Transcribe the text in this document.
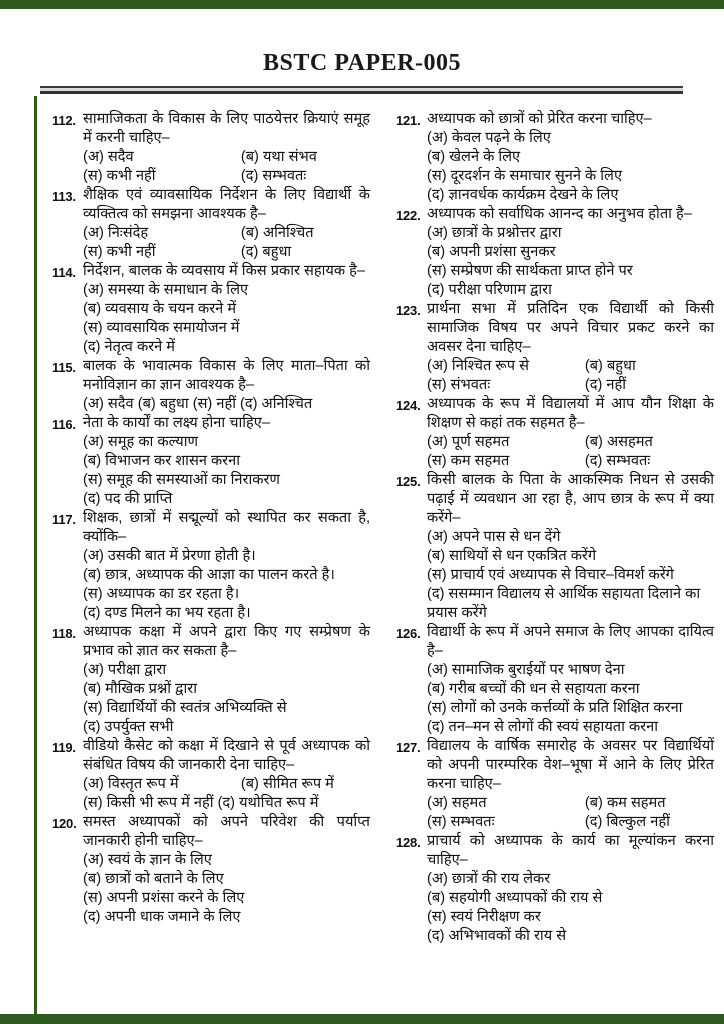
BSTC PAPER-005
112. सामाजिकता के विकास के लिए पाठयेत्तर क्रियाएं समूह में करनी चाहिए–
(अ) सदैव	(ब) यथा संभव
(स) कभी नहीं	(द) सम्भवतः
113. शैक्षिक एवं व्यावसायिक निर्देशन के लिए विद्यार्थी के व्यक्तित्व को समझना आवश्यक है–
(अ) निःसंदेह	(ब) अनिश्चित
(स) कभी नहीं	(द) बहुधा
114. निर्देशन, बालक के व्यवसाय में किस प्रकार सहायक है–
(अ) समस्या के समाधान के लिए
(ब) व्यवसाय के चयन करने में
(स) व्यावसायिक समायोजन में
(द) नेतृत्व करने में
115. बालक के भावात्मक विकास के लिए माता–पिता को मनोविज्ञान का ज्ञान आवश्यक है–
(अ) सदैव (ब) बहुधा (स) नहीं (द) अनिश्चित
116. नेता के कार्यों का लक्ष्य होना चाहिए–
(अ) समूह का कल्याण
(ब) विभाजन कर शासन करना
(स) समूह की समस्याओं का निराकरण
(द) पद की प्राप्ति
117. शिक्षक, छात्रों में सद्मूल्यों को स्थापित कर सकता है, क्योंकि–
(अ) उसकी बात में प्रेरणा होती है।
(ब) छात्र, अध्यापक की आज्ञा का पालन करते है।
(स) अध्यापक का डर रहता है।
(द) दण्ड मिलने का भय रहता है।
118. अध्यापक कक्षा में अपने द्वारा किए गए सम्प्रेषण के प्रभाव को ज्ञात कर सकता है–
(अ) परीक्षा द्वारा
(ब) मौखिक प्रश्नों द्वारा
(स) विद्यार्थियों की स्वतंत्र अभिव्यक्ति से
(द) उपर्युक्त सभी
119. वीडियो कैसेट को कक्षा में दिखाने से पूर्व अध्यापक को संबंधित विषय की जानकारी देना चाहिए–
(अ) विस्तृत रूप में	(ब) सीमित रूप में
(स) किसी भी रूप में नहीं (द) यथोचित रूप में
120. समस्त अध्यापकों को अपने परिवेश की पर्याप्त जानकारी होनी चाहिए–
(अ) स्वयं के ज्ञान के लिए
(ब) छात्रों को बताने के लिए
(स) अपनी प्रशंसा करने के लिए
(द) अपनी धाक जमाने के लिए
121. अध्यापक को छात्रों को प्रेरित करना चाहिए–
(अ) केवल पढ़ने के लिए
(ब) खेलने के लिए
(स) दूरदर्शन के समाचार सुनने के लिए
(द) ज्ञानवर्धक कार्यक्रम देखने के लिए
122. अध्यापक को सर्वाधिक आनन्द का अनुभव होता है–
(अ) छात्रों के प्रश्नोत्तर द्वारा
(ब) अपनी प्रशंसा सुनकर
(स) सम्प्रेषण की सार्थकता प्राप्त होने पर
(द) परीक्षा परिणाम द्वारा
123. प्रार्थना सभा में प्रतिदिन एक विद्यार्थी को किसी सामाजिक विषय पर अपने विचार प्रकट करने का अवसर देना चाहिए–
(अ) निश्चित रूप से	(ब) बहुधा
(स) संभवतः	(द) नहीं
124. अध्यापक के रूप में विद्यालयों में आप यौन शिक्षा के शिक्षण से कहां तक सहमत है–
(अ) पूर्ण सहमत	(ब) असहमत
(स) कम सहमत	(द) सम्भवतः
125. किसी बालक के पिता के आकस्मिक निधन से उसकी पढ़ाई में व्यवधान आ रहा है, आप छात्र के रूप में क्या करेंगे–
(अ) अपने पास से धन देंगे
(ब) साथियों से धन एकत्रित करेंगे
(स) प्राचार्य एवं अध्यापक से विचार–विमर्श करेंगे
(द) ससम्मान विद्यालय से आर्थिक सहायता दिलाने का प्रयास करेंगे
126. विद्यार्थी के रूप में अपने समाज के लिए आपका दायित्व है–
(अ) सामाजिक बुराईयों पर भाषण देना
(ब) गरीब बच्चों की धन से सहायता करना
(स) लोगों को उनके कर्त्तव्यों के प्रति शिक्षित करना
(द) तन–मन से लोगों की स्वयं सहायता करना
127. विद्यालय के वार्षिक समारोह के अवसर पर विद्यार्थियों को अपनी पारम्परिक वेश–भूषा में आने के लिए प्रेरित करना चाहिए–
(अ) सहमत	(ब) कम सहमत
(स) सम्भवतः	(द) बिल्कुल नहीं
128. प्राचार्य को अध्यापक के कार्य का मूल्यांकन करना चाहिए–
(अ) छात्रों की राय लेकर
(ब) सहयोगी अध्यापकों की राय से
(स) स्वयं निरीक्षण कर
(द) अभिभावकों की राय से
